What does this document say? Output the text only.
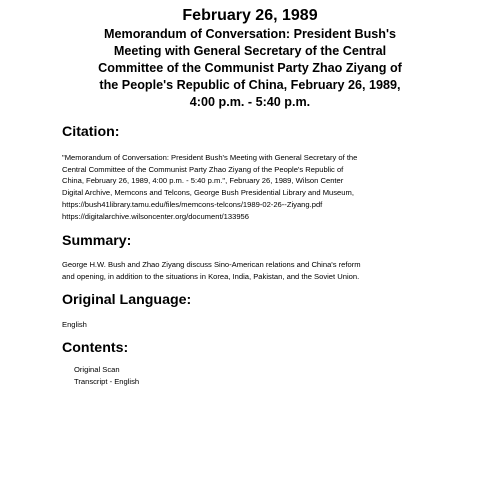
February 26, 1989
Memorandum of Conversation: President Bush's
Meeting with General Secretary of the Central
Committee of the Communist Party Zhao Ziyang of
the People's Republic of China, February 26, 1989,
4:00 p.m. - 5:40 p.m.
Citation:
"Memorandum of Conversation: President Bush's Meeting with General Secretary of the
Central Committee of the Communist Party Zhao Ziyang of the People's Republic of
China, February 26, 1989, 4:00 p.m. - 5:40 p.m.", February 26, 1989, Wilson Center
Digital Archive, Memcons and Telcons, George Bush Presidential Library and Museum,
https://bush41library.tamu.edu/files/memcons-telcons/1989-02-26--Ziyang.pdf
https://digitalarchive.wilsoncenter.org/document/133956
Summary:
George H.W. Bush and Zhao Ziyang discuss Sino-American relations and China's reform
and opening, in addition to the situations in Korea, India, Pakistan, and the Soviet Union.
Original Language:
English
Contents:
Original Scan
Transcript - English
